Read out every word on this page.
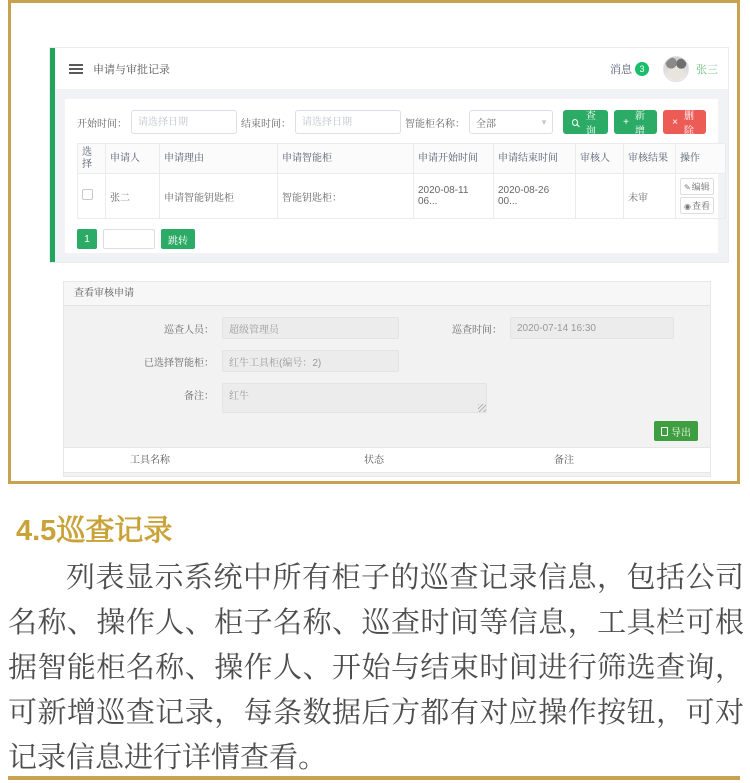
申请与审批记录	消息 3	张三
开始时间：
请选择日期	结束时间：
请选择日期	智能柜名称： 全部	▾	查询
+ 新增
× 删除
选择	申请人	申请理由	申请智能柜	申请开始时间	申请结束时间	审核人	审核结果	操作
	张二	申请智能钥匙柜	智能钥匙柜：	2020-08-11 06...	2020-08-26 00...		未审	✎编辑
◉查看
1	跳转
查看审核申请
巡查人员：
超级管理员	巡查时间：
2020-07-14 16:30
已选择智能柜：
红牛工具柜(编号：2)
备注：
红牛
导出
工具名称	状态	备注
4.5巡查记录
列表显示系统中所有柜子的巡查记录信息，包括公司名称、操作人、柜子名称、巡查时间等信息，工具栏可根据智能柜名称、操作人、开始与结束时间进行筛选查询，可新增巡查记录，每条数据后方都有对应操作按钮，可对记录信息进行详情查看。
